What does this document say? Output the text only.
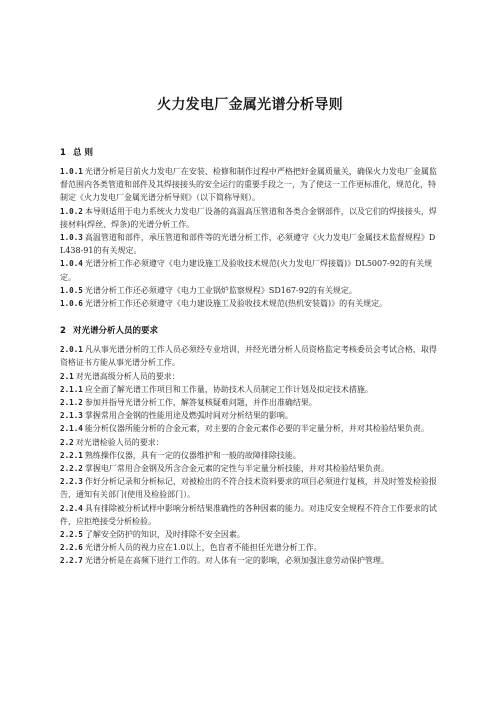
火力发电厂金属光谱分析导则
1 总 则

1.0.1 光谱分析是目前火力发电厂在安装、检修和制作过程中严格把好金属质量关，确保火力发电厂金属监督范围内各类管道和部件及其焊接接头的安全运行的重要手段之一，为了使这一工作更标准化，规范化，特制定《火力发电厂金属光谱分析导则》（以下简称导则）。

1.0.2 本导则适用于电力系统火力发电厂设备的高温高压管道和各类合金钢部件，以及它们的焊接接头，焊接材料(焊丝、焊条)的光谱分析工作。

1.0.3 高温管道和部件，承压管道和部件等的光谱分析工作，必须遵守《火力发电厂金属技术监督规程》DL438-91的有关规定。

1.0.4 光谱分析工作必须遵守《电力建设施工及验收技术规范(火力发电厂焊接篇)》DL5007-92的有关规定。

1.0.5 光谱分析工作还必须遵守《电力工业锅炉监察规程》SD167-92的有关规定。

1.0.6 光谱分析工作还必须遵守《电力建设施工及验收技术规范(热机安装篇)》的有关规定。

2 对光谱分析人员的要求

2.0.1 凡从事光谱分析的工作人员必须经专业培训，并经光谱分析人员资格监定考核委员会考试合格，取得资格证书方能从事光谱分析工作。

2.1 对光谱高级分析人员的要求：

2.1.1 应全面了解光谱工作项目和工作量，协助技术人员制定工作计划及拟定技术措施。

2.1.2 参加并指导光谱分析工作，解答复核疑难问题，并作出准确结果。

2.1.3 掌握常用合金钢的性能用途及燃弧时间对分析结果的影响。

2.1.4 能分析仪器所能分析的合金元素，对主要的合金元素作必要的半定量分析，并对其检验结果负责。

2.2 对光谱检验人员的要求：

2.2.1 熟练操作仪器，具有一定的仪器维护和一般的故障排除技能。

2.2.2 掌握电厂常用合金钢及所含合金元素的定性与半定量分析技能，并对其检验结果负责。

2.2.3 作好分析记录和分析标记，对被检出的不符合技术资料要求的项目必须进行复核，并及时签发检验报告，通知有关部门(使用及检验部门）。

2.2.4 具有排除被分析试样中影响分析结果准确性的各种因素的能力。对违反安全规程不符合工作要求的试件，应拒绝接受分析检验。

2.2.5 了解安全防护的知识，及时排除不安全因素。

2.2.6 光谱分析人员的视力应在1.0以上，色盲者不能担任光谱分析工作。

2.2.7 光谱分析是在高频下进行工作的。对人体有一定的影响，必须加强注意劳动保护管理。
